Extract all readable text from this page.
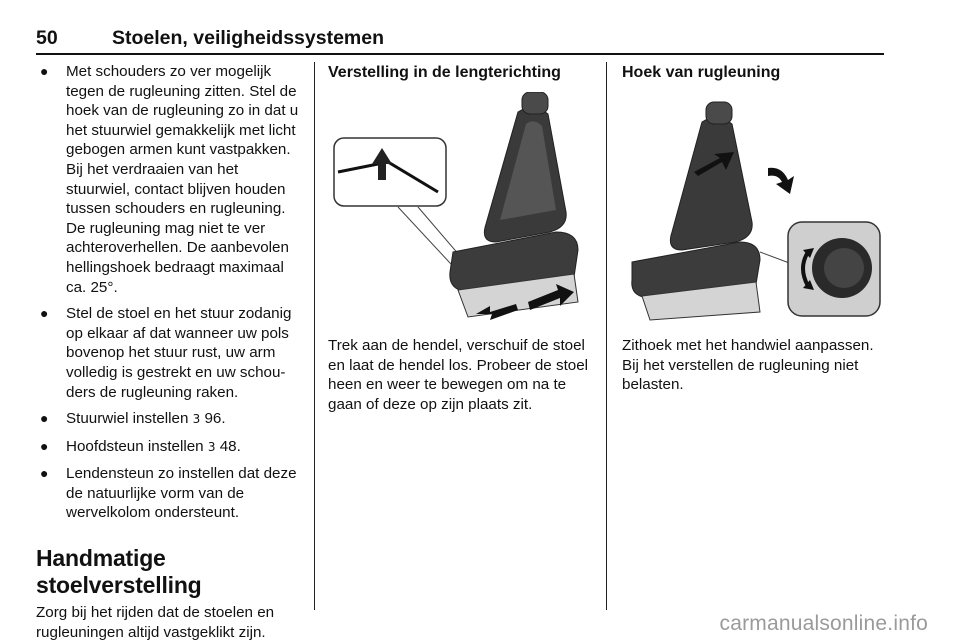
50	Stoelen, veiligheidssystemen
● Met schouders zo ver mogelijk tegen de rugleuning zitten. Stel de hoek van de rugleuning zo in dat u het stuurwiel gemakkelijk met licht gebogen armen kunt vastpakken. Bij het verdraaien van het stuurwiel, contact blijven houden tussen schouders en rugleuning. De rugleuning mag niet te ver achteroverhellen. De aanbevolen hellingshoek bedraagt maximaal ca. 25°.
● Stel de stoel en het stuur zodanig op elkaar af dat wanneer uw pols bovenop het stuur rust, uw arm volledig is gestrekt en uw schou-ders de rugleuning raken.
● Stuurwiel instellen 3 96.
● Hoofdsteun instellen 3 48.
● Lendensteun zo instellen dat deze de natuurlijke vorm van de wervelkolom ondersteunt.
Handmatige stoelverstelling
Zorg bij het rijden dat de stoelen en rugleuningen altijd vastgeklikt zijn.
Verstelling in de lengterichting

Trek aan de hendel, verschuif de stoel en laat de hendel los. Probeer de stoel heen en weer te bewegen om na te gaan of deze op zijn plaats zit.

Hoek van rugleuning

Zithoek met het handwiel aanpassen. Bij het verstellen de rugleuning niet belasten.

carmanualsonline.info
